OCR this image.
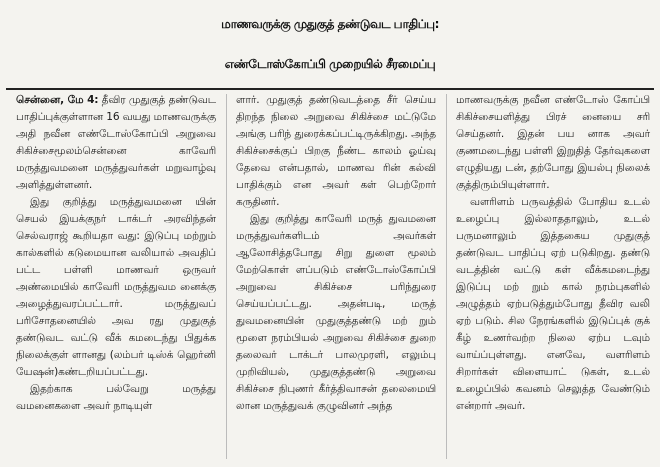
மாணவருக்கு முதுகுத் தண்டுவட பாதிப்பு:
எண்டோஸ்கோப்பி முறையில் சீரமைப்பு

சென்னை, மே 4: தீவிர முதுகுத் தண்டுவட பாதிப்புக்குள்ளான 16 வயது மாணவருக்கு அதி நவீன எண்டோஸ்கோப்பி அறுவை சிகிச்சைமூலம்சென்னை காவேரி மருத்துவமனை மருத்துவர்கள் மறுவாழ்வு அளித்துள்ளனர்.

இது குறித்து மருத்துவமனை யின் செயல் இயக்குநர் டாக்டர் அரவிந்தன் செல்வராஜ் கூறியதா வது: இடுப்பு மற்றும் கால்களில் கடுமையான வலியால் அவதிப் பட்ட பள்ளி மாணவர் ஒருவர் அண்மையில் காவேரி மருத்துவம னைக்கு அழைத்துவரப்பட்டார். மருத்துவப் பரிசோதனையில் அவ ரது முதுகுத் தண்டுவட வட்டு வீக் கமடைந்து பிதுக்க நிலைக்குள் ளானது (லம்பர் டிஸ்க் ஹெர்னி யேஷன்)கண்டறியப்பட்டது.

இதற்காக பல்வேறு மருத்து வமனைகளை அவர் நாடியுள்

ளார். முதுகுத் தண்டுவடத்தை சீர் செய்ய திறந்த நிலை அறுவை சிகிச்சை மட்டுமே அங்கு பரிந் துரைக்கப்பட்டிருக்கிறது. அந்த சிகிச்சைக்குப் பிறகு நீண்ட காலம் ஓய்வு தேவை என்பதால், மாணவ ரின் கல்வி பாதிக்கும் என அவர் கள் பெற்றோர் கருதினர்.

இது குறித்து காவேரி மருத் துவமனை மருத்துவர்களிடம் அவர்கள் ஆலோசித்தபோது சிறு துளை மூலம் மேற்கொள் ளப்படும் எண்டோஸ்கோப்பி அறுவை சிகிச்சை பரிந்துரை செய்யப்பட்டது. அதன்படி, மருத் துவமனையின் முதுகுத்தண்டு மற் றும் மூளை நரம்பியல் அறுவை சிகிச்சை துறை தலைவர் டாக்டர் பாலமுரளி, எலும்பு முறிவியல், முதுகுத்தண்டு அறுவை சிகிச்சை நிபுணர் கீர்த்திவாசன் தலைமையி லான மருத்துவக் குழுவினர் அந்த

மாணவருக்கு நவீன எண்டோஸ் கோப்பி சிகிச்சையளித்து பிரச் னையை சரி செய்தனர். இதன் பய னாக அவர் குணமடைந்து பள்ளி இறுதித் தேர்வுகளை எழுதியது டன், தற்போது இயல்பு நிலைக் குத்திரும்பியுள்ளார்.

வளரிளம் பருவத்தில் போதிய உடல் உழைப்பு இல்லாததாலும், உடல் பருமனாலும் இத்தகைய முதுகுத் தண்டுவட பாதிப்பு ஏற் படுகிறது. தண்டு வடத்தின் வட்டு கள் வீக்கமடைந்து இடுப்பு மற் றும் கால் நரம்புகளில் அழுத்தம் ஏற்படுத்தும்போது தீவிர வலி ஏற் படும். சில நேரங்களில் இடுப்புக் குக் கீழ் உணர்வற்ற நிலை ஏற்ப டவும் வாய்ப்புள்ளது. எனவே, வளரிளம் சிறார்கள் விளையாட் டுகள், உடல் உழைப்பில் கவனம் செலுத்த வேண்டும் என்றார் அவர்.
